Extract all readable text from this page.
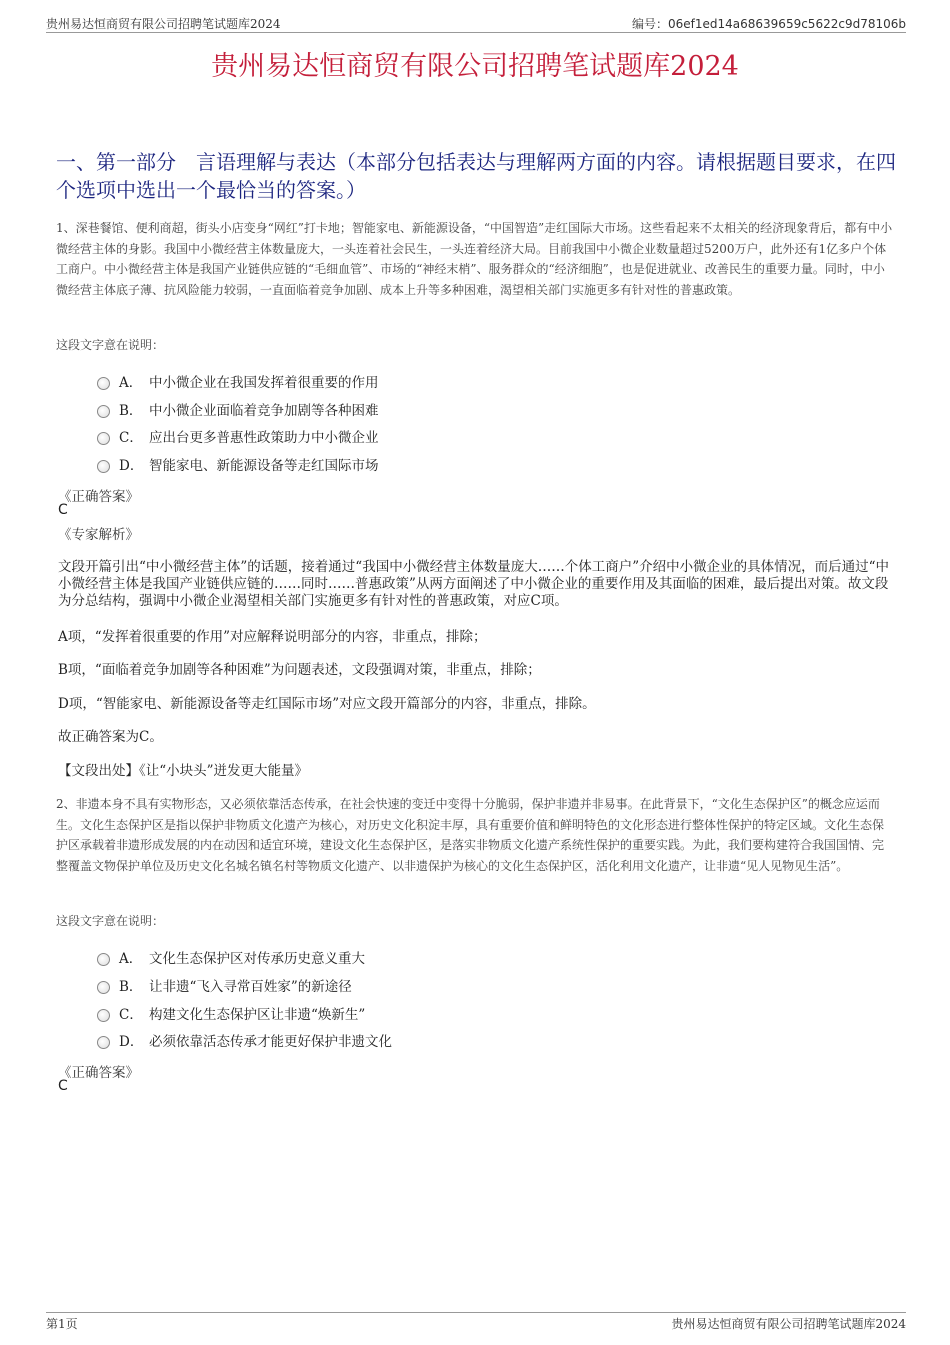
贵州易达恒商贸有限公司招聘笔试题库2024	编号：06ef1ed14a68639659c5622c9d78106b
贵州易达恒商贸有限公司招聘笔试题库2024
一、第一部分　言语理解与表达（本部分包括表达与理解两方面的内容。请根据题目要求，在四个选项中选出一个最恰当的答案。）
1、深巷餐馆、便利商超，街头小店变身“网红”打卡地；智能家电、新能源设备，“中国智造”走红国际大市场。这些看起来不太相关的经济现象背后，都有中小微经营主体的身影。我国中小微经营主体数量庞大，一头连着社会民生，一头连着经济大局。目前我国中小微企业数量超过5200万户，此外还有1亿多户个体工商户。中小微经营主体是我国产业链供应链的“毛细血管”、市场的“神经末梢”、服务群众的“经济细胞”，也是促进就业、改善民生的重要力量。同时，中小微经营主体底子薄、抗风险能力较弱，一直面临着竞争加剧、成本上升等多种困难，渴望相关部门实施更多有针对性的普惠政策。
这段文字意在说明：
A． 中小微企业在我国发挥着很重要的作用
B． 中小微企业面临着竞争加剧等各种困难
C． 应出台更多普惠性政策助力中小微企业
D． 智能家电、新能源设备等走红国际市场
《正确答案》
C
《专家解析》
文段开篇引出“中小微经营主体”的话题，接着通过“我国中小微经营主体数量庞大……个体工商户”介绍中小微企业的具体情况，而后通过“中小微经营主体是我国产业链供应链的……同时……普惠政策”从两方面阐述了中小微企业的重要作用及其面临的困难，最后提出对策。故文段为分总结构，强调中小微企业渴望相关部门实施更多有针对性的普惠政策，对应C项。
A项，“发挥着很重要的作用”对应解释说明部分的内容，非重点，排除；
B项，“面临着竞争加剧等各种困难”为问题表述，文段强调对策，非重点，排除；
D项，“智能家电、新能源设备等走红国际市场”对应文段开篇部分的内容，非重点，排除。
故正确答案为C。
【文段出处】《让“小块头”迸发更大能量》
2、非遗本身不具有实物形态，又必须依靠活态传承，在社会快速的变迁中变得十分脆弱，保护非遗并非易事。在此背景下，“文化生态保护区”的概念应运而生。文化生态保护区是指以保护非物质文化遗产为核心，对历史文化积淀丰厚，具有重要价值和鲜明特色的文化形态进行整体性保护的特定区域。文化生态保护区承载着非遗形成发展的内在动因和适宜环境，建设文化生态保护区，是落实非物质文化遗产系统性保护的重要实践。为此，我们要构建符合我国国情、完整覆盖文物保护单位及历史文化名城名镇名村等物质文化遗产、以非遗保护为核心的文化生态保护区，活化利用文化遗产，让非遗“见人见物见生活”。
这段文字意在说明：
A． 文化生态保护区对传承历史意义重大
B． 让非遗“飞入寻常百姓家”的新途径
C． 构建文化生态保护区让非遗“焕新生”
D． 必须依靠活态传承才能更好保护非遗文化
《正确答案》
C
第1页	贵州易达恒商贸有限公司招聘笔试题库2024
